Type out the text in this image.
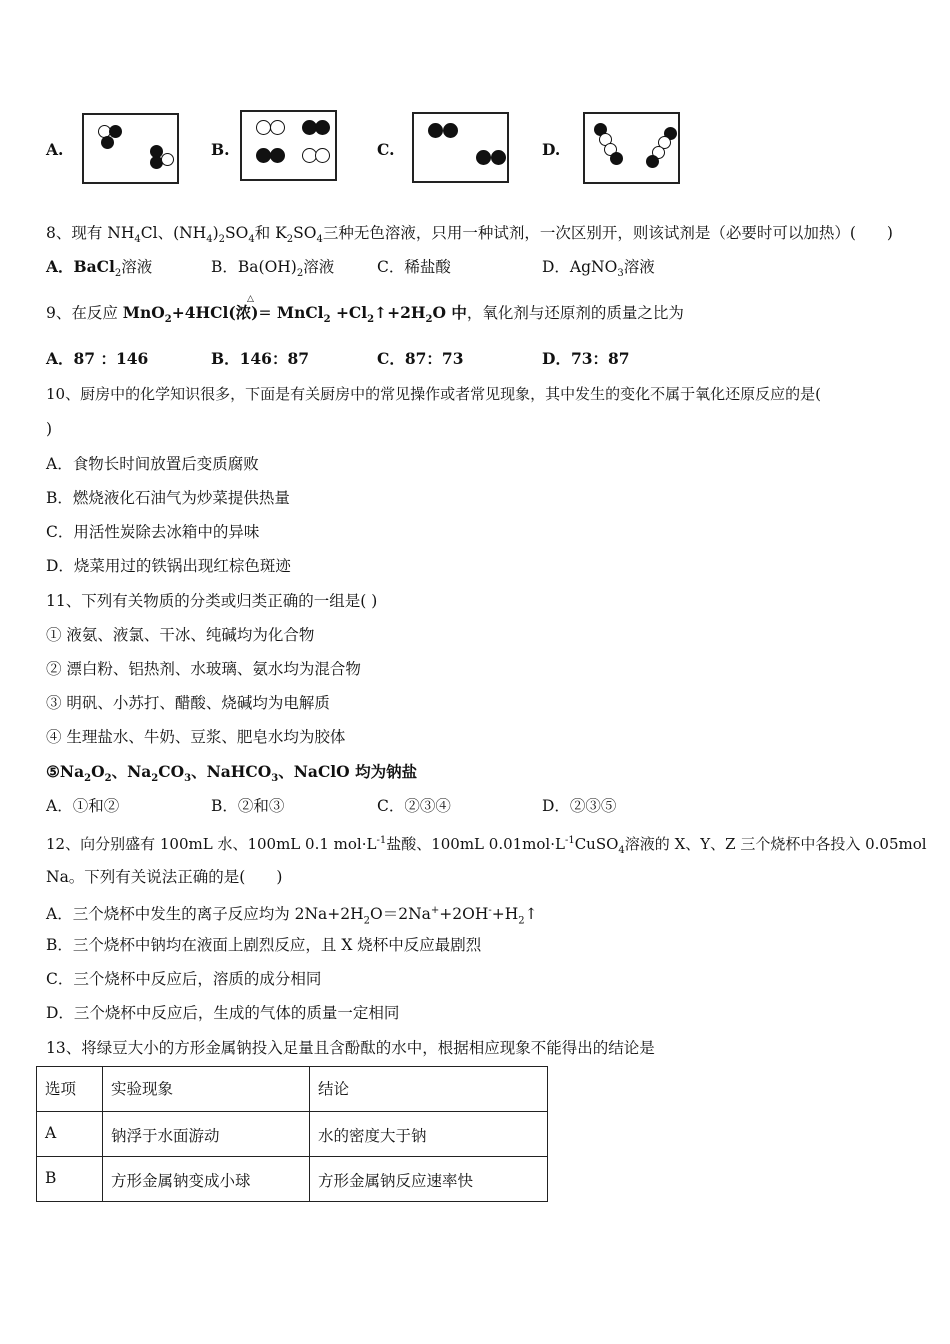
A.	B.	C.	D.
8、现有 $NH_4Cl$、$(NH_4)_2SO_4$和 $K_2SO_4$三种无色溶液，只用一种试剂，一次区别开，则该试剂是（必要时可以加热）(　　)
A．BaCl$_2$溶液	B．$Ba(OH)_2$溶液	C．稀盐酸	D．AgNO$_3$溶液
△
9、在反应 MnO$_2$+4HCl(浓)= MnCl$_2$ $+Cl_2↑+2H_2O$ 中，氧化剂与还原剂的质量之比为
A．87 ：146	B．146：87	C．87：73	D．73：87
10、厨房中的化学知识很多，下面是有关厨房中的常见操作或者常见现象，其中发生的变化不属于氧化还原反应的是(
)
A．食物长时间放置后变质腐败
B．燃烧液化石油气为炒菜提供热量
C．用活性炭除去冰箱中的异味
D．烧菜用过的铁锅出现红棕色斑迹
11、下列有关物质的分类或归类正确的一组是( )
① 液氨、液氯、干冰、纯碱均为化合物
② 漂白粉、铝热剂、水玻璃、氨水均为混合物
③ 明矾、小苏打、醋酸、烧碱均为电解质
④ 生理盐水、牛奶、豆浆、肥皂水均为胶体
$⑤Na_2O_2$、$Na_2CO_3$、NaHCO$_3$、NaClO 均为钠盐
A．①和②	B．②和③	C．②③④	D．②③⑤
12、向分别盛有 100mL 水、100mL 0.1 $mol\cdot L^{-1}$盐酸、100mL $0.01mol\cdot L^{-1}CuSO_4$溶液的 X、Y、Z 三个烧杯中各投入 0.05mol
Na。下列有关说法正确的是(　　)
A．三个烧杯中发生的离子反应均为 $2Na+2H_2O=2Na^++2OH^-+H_2↑$
B．三个烧杯中钠均在液面上剧烈反应，且 X 烧杯中反应最剧烈
C．三个烧杯中反应后，溶质的成分相同
D．三个烧杯中反应后，生成的气体的质量一定相同
13、将绿豆大小的方形金属钠投入足量且含酚酞的水中，根据相应现象不能得出的结论是
选项	实验现象	结论
A	钠浮于水面游动	水的密度大于钠
B	方形金属钠变成小球	方形金属钠反应速率快
